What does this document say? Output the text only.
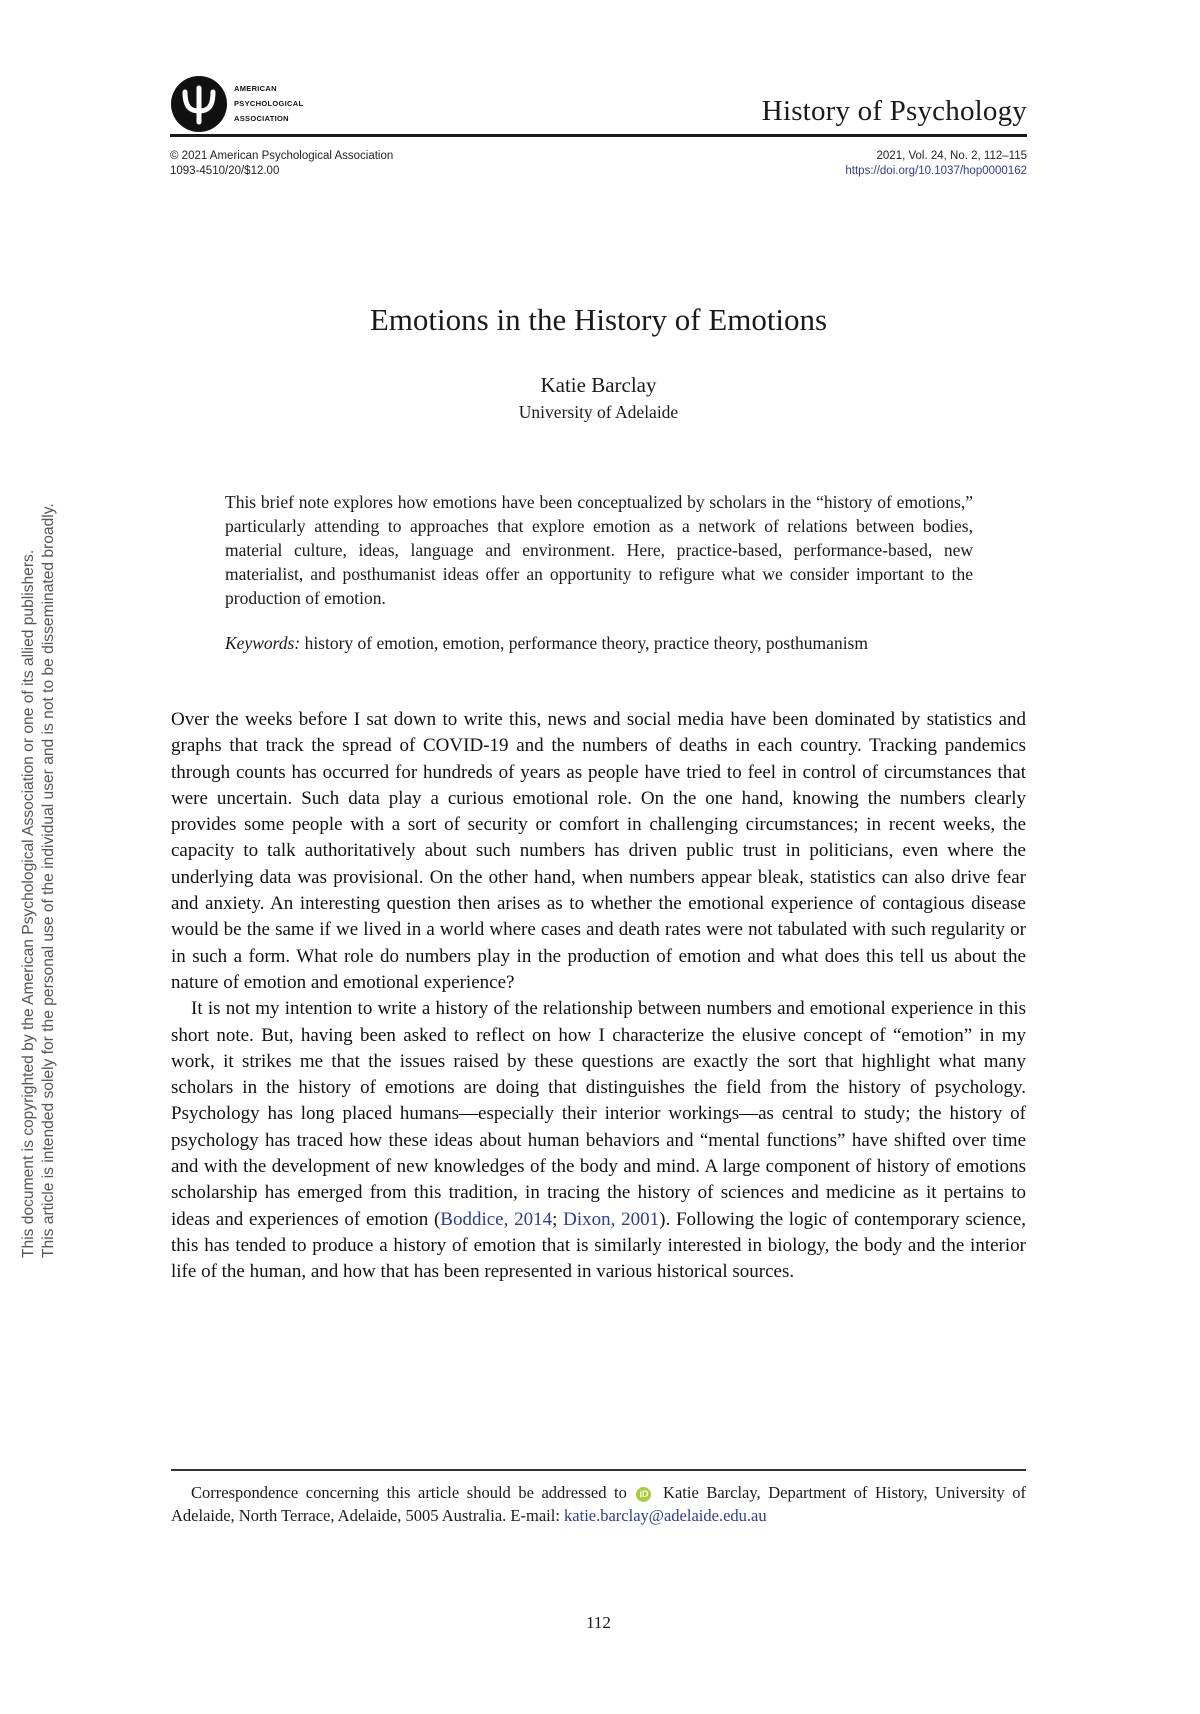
AMERICAN
PSYCHOLOGICAL
ASSOCIATION	History of Psychology
© 2021 American Psychological Association
1093-4510/20/$12.00
2021, Vol. 24, No. 2, 112–115
https://doi.org/10.1037/hop0000162
This document is copyrighted by the American Psychological Association or one of its allied publishers. This article is intended solely for the personal use of the individual user and is not to be disseminated broadly.
Emotions in the History of Emotions
Katie Barclay
University of Adelaide
This brief note explores how emotions have been conceptualized by scholars in the “history of emotions,” particularly attending to approaches that explore emotion as a network of relations between bodies, material culture, ideas, language and environment. Here, practice-based, performance-based, new materialist, and posthumanist ideas offer an opportunity to refigure what we consider important to the production of emotion.
Keywords: history of emotion, emotion, performance theory, practice theory, posthumanism

Over the weeks before I sat down to write this, news and social media have been dominated by statistics and graphs that track the spread of COVID-19 and the numbers of deaths in each country. Tracking pandemics through counts has occurred for hundreds of years as people have tried to feel in control of circumstances that were uncertain. Such data play a curious emotional role. On the one hand, knowing the numbers clearly provides some people with a sort of security or comfort in challenging circumstances; in recent weeks, the capacity to talk authoritatively about such numbers has driven public trust in politicians, even where the underlying data was provisional. On the other hand, when numbers appear bleak, statistics can also drive fear and anxiety. An interesting question then arises as to whether the emotional experience of contagious disease would be the same if we lived in a world where cases and death rates were not tabulated with such regularity or in such a form. What role do numbers play in the production of emotion and what does this tell us about the nature of emotion and emotional experience?

It is not my intention to write a history of the relationship between numbers and emotional experience in this short note. But, having been asked to reflect on how I characterize the elusive concept of “emotion” in my work, it strikes me that the issues raised by these questions are exactly the sort that highlight what many scholars in the history of emotions are doing that distinguishes the field from the history of psychology. Psychology has long placed humans—especially their interior workings—as central to study; the history of psychology has traced how these ideas about human behaviors and “mental functions” have shifted over time and with the development of new knowledges of the body and mind. A large component of history of emotions scholarship has emerged from this tradition, in tracing the history of sciences and medicine as it pertains to ideas and experiences of emotion (Boddice, 2014; Dixon, 2001). Following the logic of contemporary science, this has tended to produce a history of emotion that is similarly interested in biology, the body and the interior life of the human, and how that has been represented in various historical sources.

Correspondence concerning this article should be addressed to iD Katie Barclay, Department of History, University of Adelaide, North Terrace, Adelaide, 5005 Australia. E-mail: katie.barclay@adelaide.edu.au
112
